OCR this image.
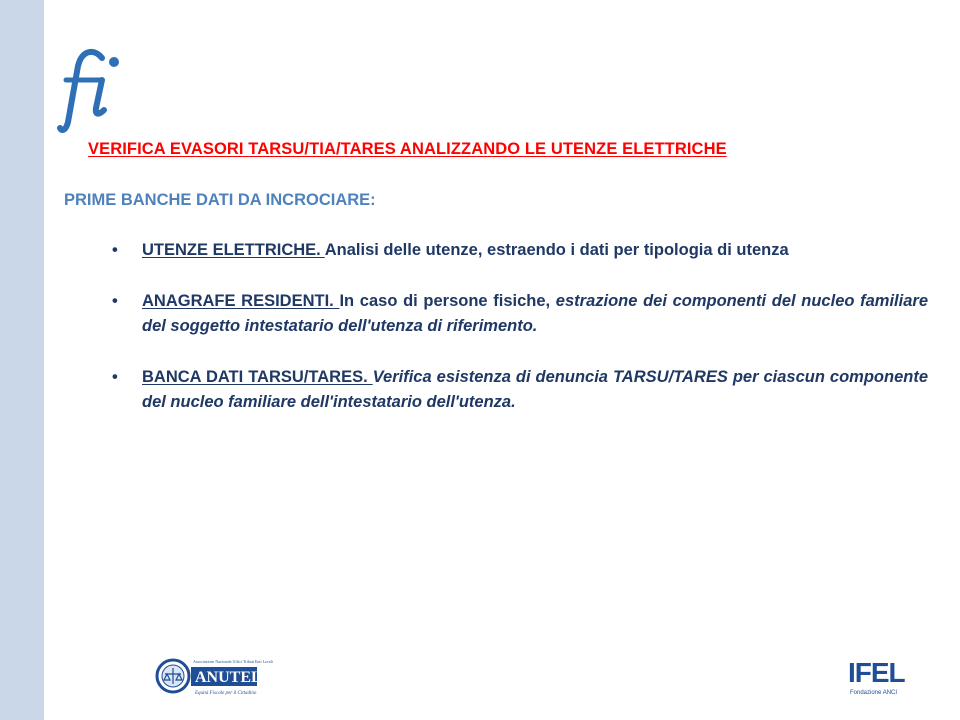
VERIFICA EVASORI TARSU/TIA/TARES ANALIZZANDO LE UTENZE ELETTRICHE
PRIME BANCHE DATI DA INCROCIARE:
• UTENZE ELETTRICHE. Analisi delle utenze, estraendo i dati per tipologia di utenza
• ANAGRAFE RESIDENTI. In caso di persone fisiche, estrazione dei componenti del nucleo familiare del soggetto intestatario dell'utenza di riferimento.
• BANCA DATI TARSU/TARES. Verifica esistenza di denuncia TARSU/TARES per ciascun componente del nucleo familiare dell'intestatario dell'utenza.
Associazione Nazionale Uffici Tributi Enti Locali
ANUTEL
Equità Fiscale per il Cittadino
IFEL
Fondazione ANCI
